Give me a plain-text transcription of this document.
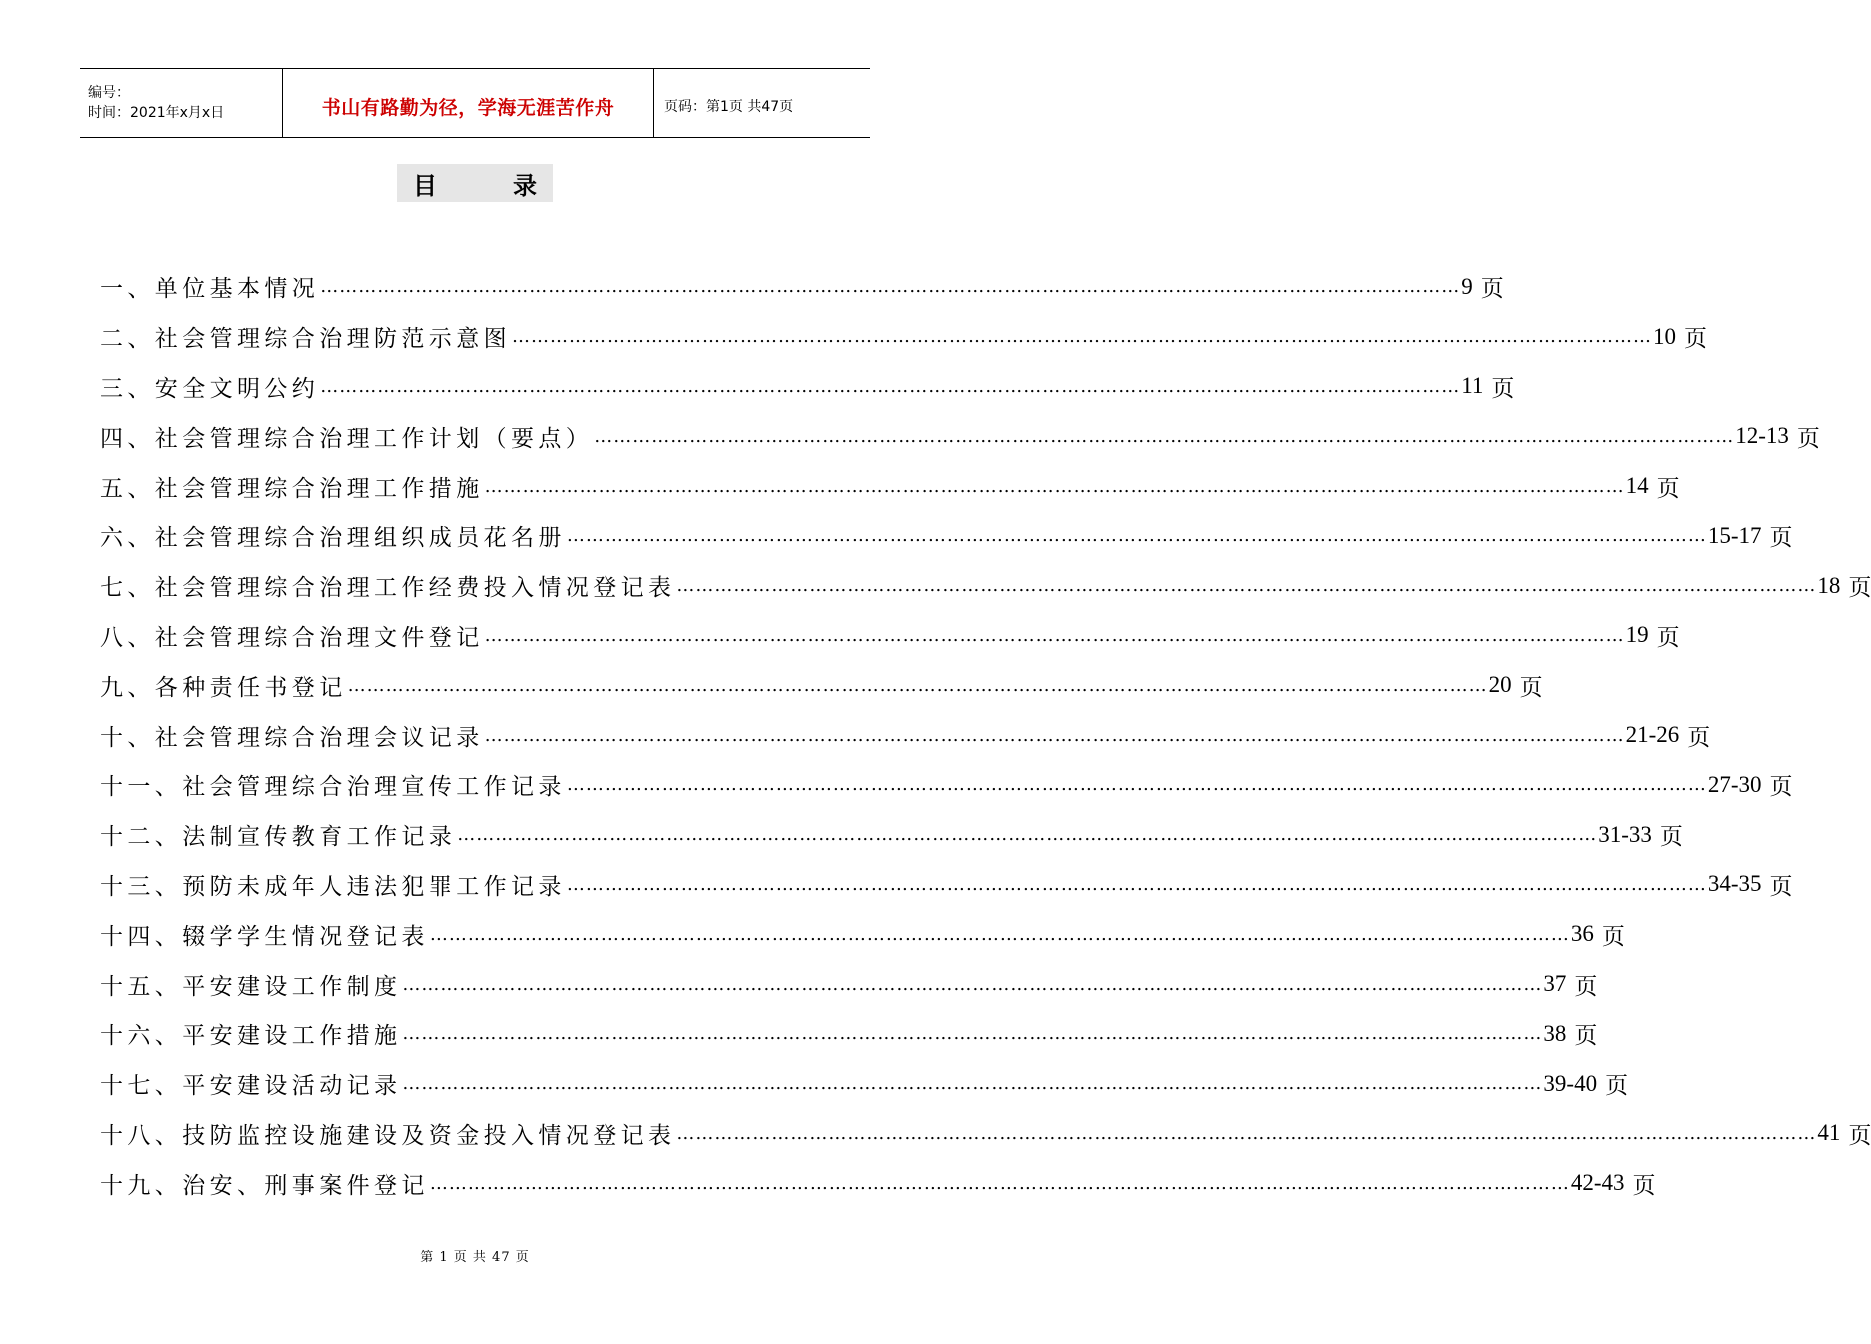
编号：
时间：2021年x月x日	书山有路勤为径，学海无涯苦作舟	页码：第1页 共47页
目	录
一、单位基本情况 ……………………………………………………………………………………………………………………………………………………………… 9 页
二、社会管理综合治理防范示意图 ……………………………………………………………………………………………………………………………………………………………… 10 页
三、安全文明公约 ……………………………………………………………………………………………………………………………………………………………… 11 页
四、社会管理综合治理工作计划（要点） ……………………………………………………………………………………………………………………………………………………………… 12-13 页
五、社会管理综合治理工作措施 ……………………………………………………………………………………………………………………………………………………………… 14 页
六、社会管理综合治理组织成员花名册 ……………………………………………………………………………………………………………………………………………………………… 15-17 页
七、社会管理综合治理工作经费投入情况登记表 ……………………………………………………………………………………………………………………………………………………………… 18 页
八、社会管理综合治理文件登记 ……………………………………………………………………………………………………………………………………………………………… 19 页
九、各种责任书登记 ……………………………………………………………………………………………………………………………………………………………… 20 页
十、社会管理综合治理会议记录 ……………………………………………………………………………………………………………………………………………………………… 21-26 页
十一、社会管理综合治理宣传工作记录 ……………………………………………………………………………………………………………………………………………………………… 27-30 页
十二、法制宣传教育工作记录 ……………………………………………………………………………………………………………………………………………………………… 31-33 页
十三、预防未成年人违法犯罪工作记录 ……………………………………………………………………………………………………………………………………………………………… 34-35 页
十四、辍学学生情况登记表 ……………………………………………………………………………………………………………………………………………………………… 36 页
十五、平安建设工作制度 ……………………………………………………………………………………………………………………………………………………………… 37 页
十六、平安建设工作措施 ……………………………………………………………………………………………………………………………………………………………… 38 页
十七、平安建设活动记录 ……………………………………………………………………………………………………………………………………………………………… 39-40 页
十八、技防监控设施建设及资金投入情况登记表 ……………………………………………………………………………………………………………………………………………………………… 41 页
十九、治安、刑事案件登记 ……………………………………………………………………………………………………………………………………………………………… 42-43 页
第 1 页 共 47 页
